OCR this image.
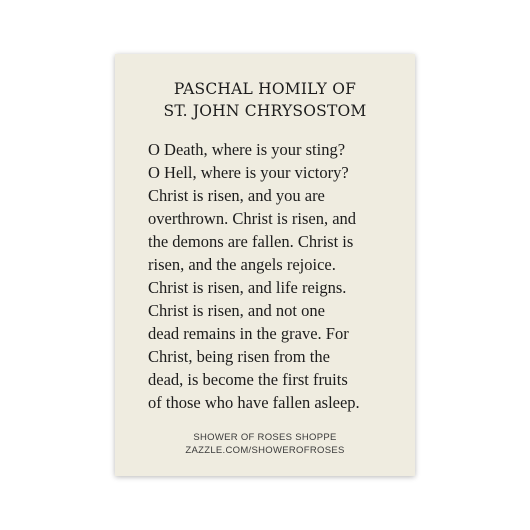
PASCHAL HOMILY OF
ST. JOHN CHRYSOSTOM
O Death, where is your sting?
O Hell, where is your victory?
Christ is risen, and you are
overthrown. Christ is risen, and
the demons are fallen. Christ is
risen, and the angels rejoice.
Christ is risen, and life reigns.
Christ is risen, and not one
dead remains in the grave. For
Christ, being risen from the
dead, is become the first fruits
of those who have fallen asleep.
SHOWER OF ROSES SHOPPE
ZAZZLE.COM/SHOWEROFROSES
